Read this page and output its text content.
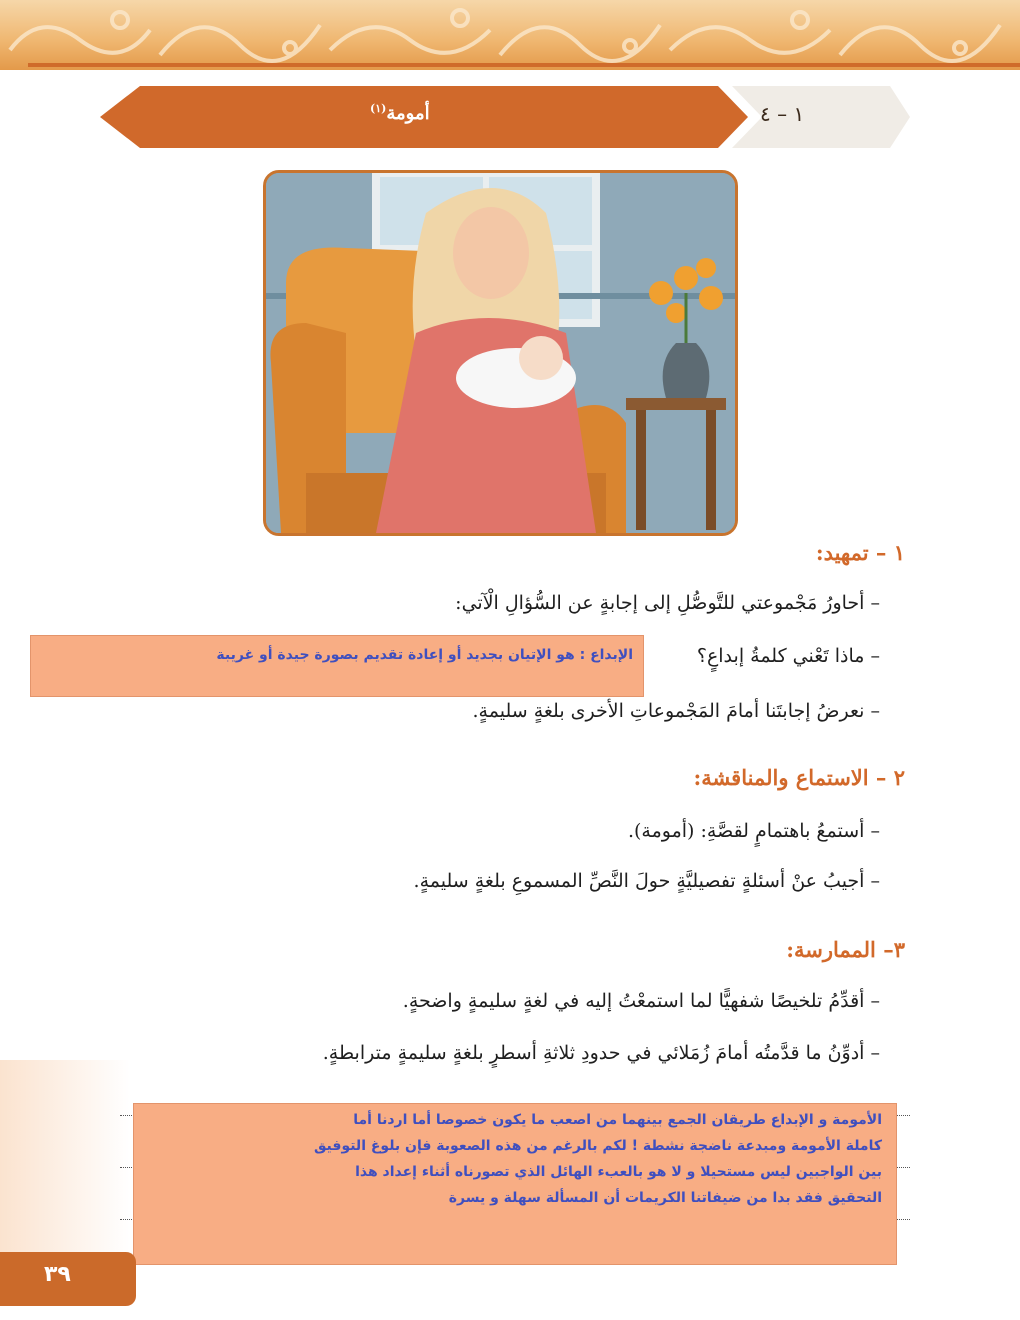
أمومة$^{(١)}$	١ – ٤
١ – تمهيد:
– أحاورُ مَجْموعتي للتَّوصُّلِ إلى إجابةٍ عن السُّؤالِ الْآتي:
– ماذا تَعْني كلمةُ إبداعٍ؟
– نعرضُ إجابتَنا أمامَ المَجْموعاتِ الأخرى بلغةٍ سليمةٍ.
الإبداع : هو الإتيان بجديد أو إعادة تقديم بصورة جيدة أو غريبة
٢ – الاستماع والمناقشة:
– أستمعُ باهتمامٍ لقصَّةِ: (أمومة).
– أجيبُ عنْ أسئلةٍ تفصيليَّةٍ حولَ النَّصِّ المسموعِ بلغةٍ سليمةٍ.
٣– الممارسة:
– أقدِّمُ تلخيصًا شفهيًّا لما استمعْتُ إليه في لغةٍ سليمةٍ واضحةٍ.
– أدوِّنُ ما قدَّمتُه أمامَ زُمَلائي في حدودِ ثلاثةِ أسطرٍ بلغةٍ سليمةٍ مترابطةٍ.
الأمومة و الإبداع طريقان الجمع بينهما من اصعب ما يكون خصوصا أما اردنا أما
كاملة الأمومة ومبدعة ناضجة نشطة ! لكم بالرغم من هذه الصعوبة فإن بلوغ التوفيق
بين الواجبين ليس مستحيلا و لا هو بالعبء الهائل الذي تصورناه أثناء إعداد هذا
التحقيق فقد بدا من ضيفاتنا الكريمات أن المسألة سهلة و يسرة
٣٩
